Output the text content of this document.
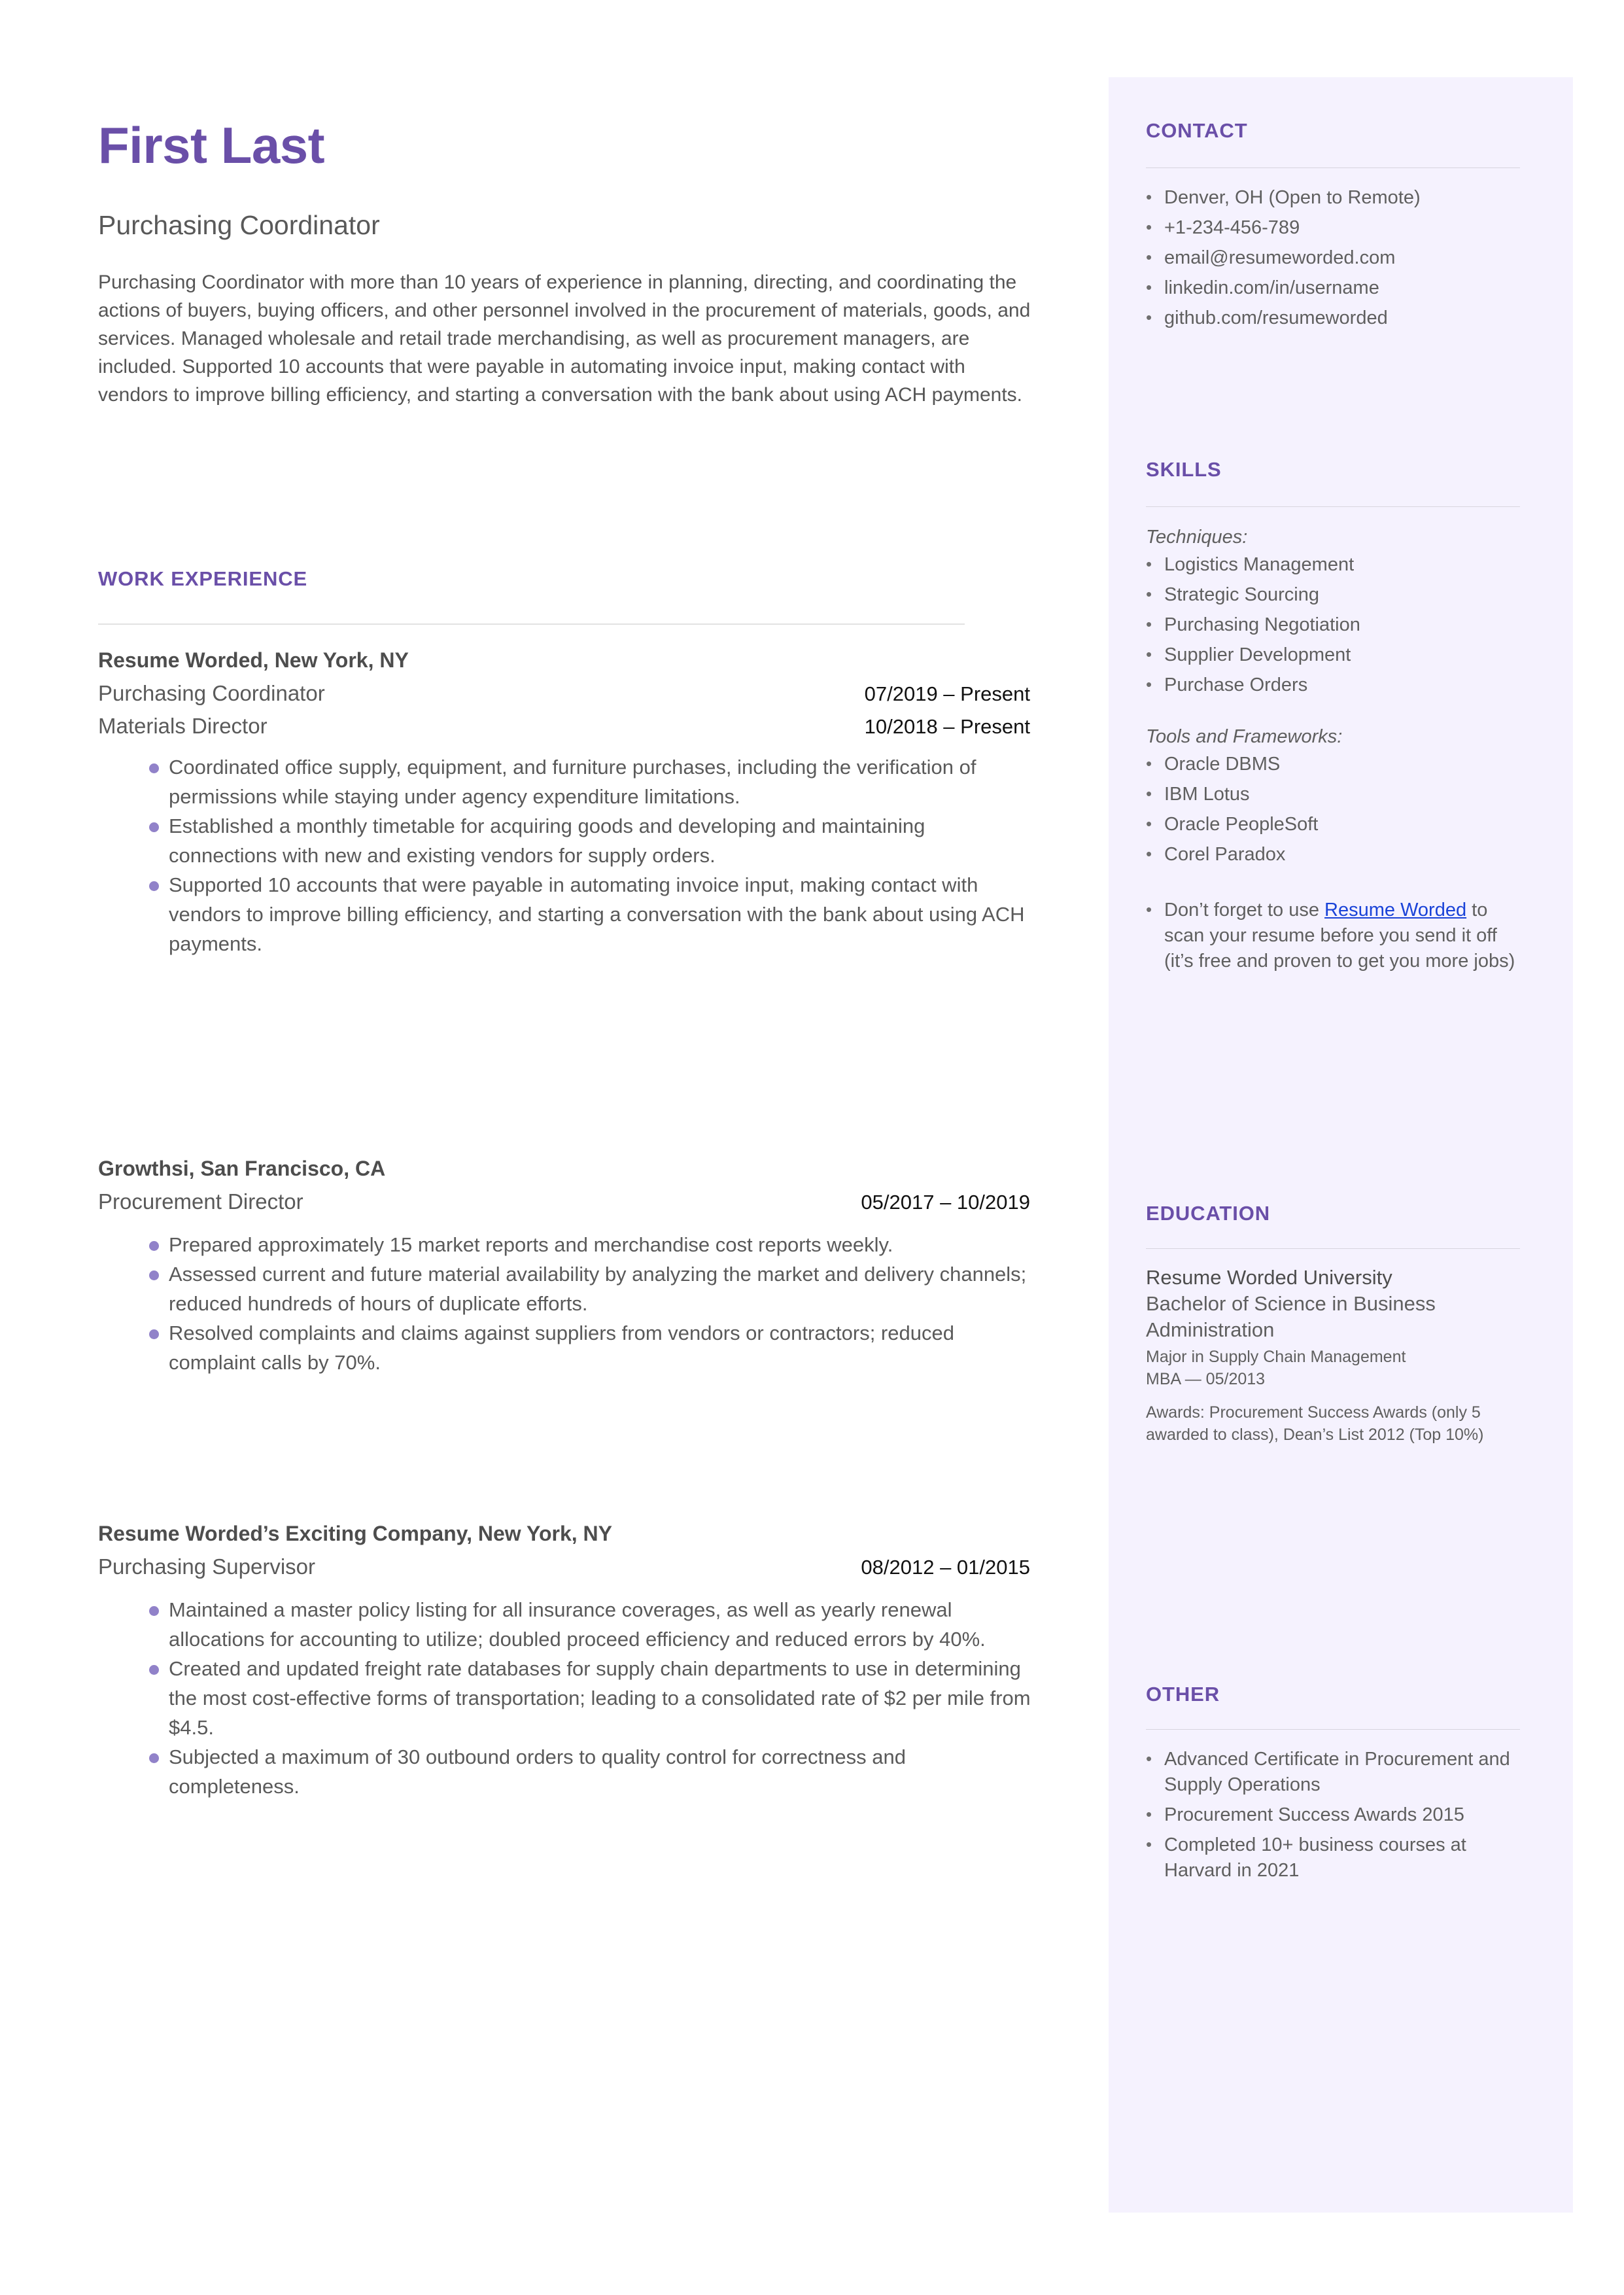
First Last
Purchasing Coordinator

Purchasing Coordinator with more than 10 years of experience in planning, directing, and coordinating the actions of buyers, buying officers, and other personnel involved in the procurement of materials, goods, and services. Managed wholesale and retail trade merchandising, as well as procurement managers, are included. Supported 10 accounts that were payable in automating invoice input, making contact with vendors to improve billing efficiency, and starting a conversation with the bank about using ACH payments.

WORK EXPERIENCE
Resume Worded, New York, NY
Purchasing Coordinator	07/2019 – Present
Materials Director	10/2018 – Present
Coordinated office supply, equipment, and furniture purchases, including the verification of permissions while staying under agency expenditure limitations.
Established a monthly timetable for acquiring goods and developing and maintaining connections with new and existing vendors for supply orders.
Supported 10 accounts that were payable in automating invoice input, making contact with vendors to improve billing efficiency, and starting a conversation with the bank about using ACH payments.
Growthsi, San Francisco, CA
Procurement Director	05/2017 – 10/2019
Prepared approximately 15 market reports and merchandise cost reports weekly.
Assessed current and future material availability by analyzing the market and delivery channels; reduced hundreds of hours of duplicate efforts.
Resolved complaints and claims against suppliers from vendors or contractors; reduced complaint calls by 70%.
Resume Worded’s Exciting Company, New York, NY
Purchasing Supervisor	08/2012 – 01/2015
Maintained a master policy listing for all insurance coverages, as well as yearly renewal allocations for accounting to utilize; doubled proceed efficiency and reduced errors by 40%.
Created and updated freight rate databases for supply chain departments to use in determining the most cost-effective forms of transportation; leading to a consolidated rate of $2 per mile from $4.5.
Subjected a maximum of 30 outbound orders to quality control for correctness and completeness.
CONTACT
• Denver, OH (Open to Remote)
• +1-234-456-789
• email@resumeworded.com
• linkedin.com/in/username
• github.com/resumeworded
SKILLS
Techniques:
• Logistics Management
• Strategic Sourcing
• Purchasing Negotiation
• Supplier Development
• Purchase Orders
Tools and Frameworks:
• Oracle DBMS
• IBM Lotus
• Oracle PeopleSoft
• Corel Paradox

• Don’t forget to use Resume Worded to scan your resume before you send it off (it’s free and proven to get you more jobs)

EDUCATION
Resume Worded University
Bachelor of Science in Business Administration
Major in Supply Chain Management
MBA — 05/2013
Awards: Procurement Success Awards (only 5 awarded to class), Dean’s List 2012 (Top 10%)
OTHER
• Advanced Certificate in Procurement and Supply Operations
• Procurement Success Awards 2015
• Completed 10+ business courses at Harvard in 2021
